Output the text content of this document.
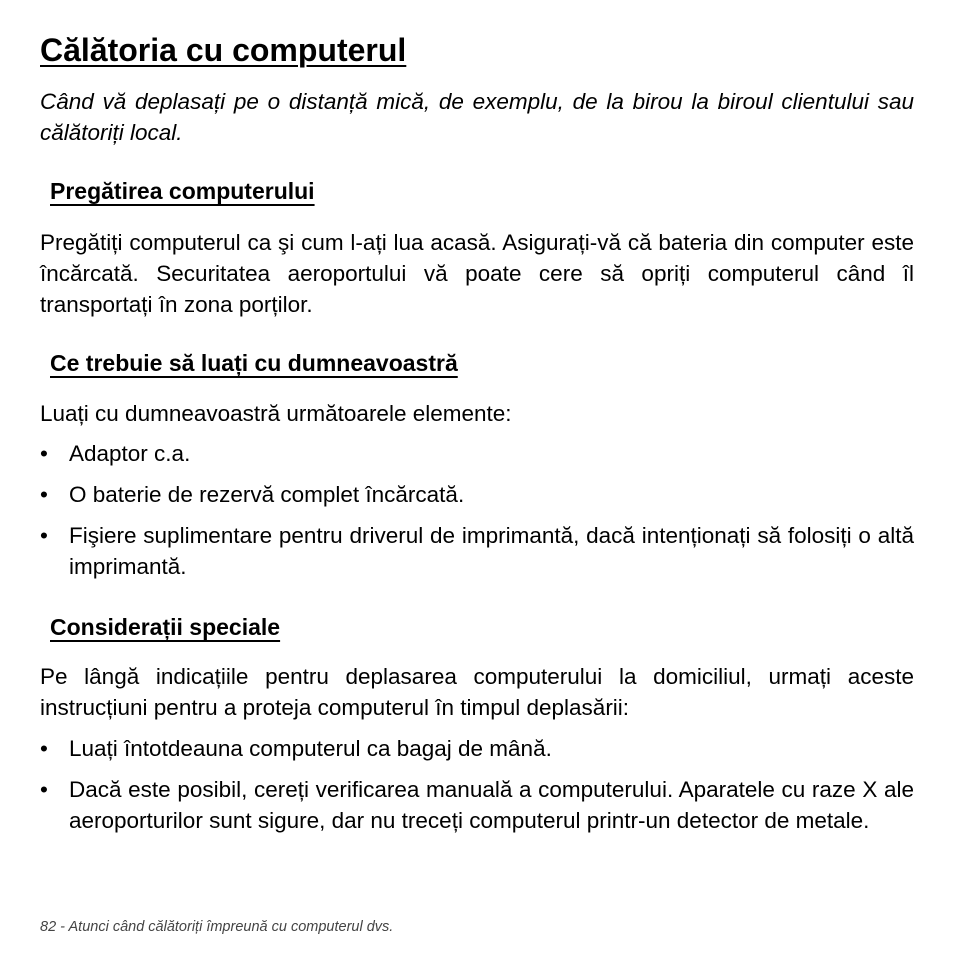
Călătoria cu computerul

Când vă deplasați pe o distanță mică, de exemplu, de la birou la biroul clientului sau călătoriți local.

Pregătirea computerului

Pregătiți computerul ca şi cum l-ați lua acasă. Asigurați-vă că bateria din computer este încărcată. Securitatea aeroportului vă poate cere să opriți computerul când îl transportați în zona porților.

Ce trebuie să luați cu dumneavoastră

Luați cu dumneavoastră următoarele elemente:

• Adaptor c.a.
• O baterie de rezervă complet încărcată.
• Fişiere suplimentare pentru driverul de imprimantă, dacă intenționați să folosiți o altă imprimantă.
Considerații speciale

Pe lângă indicațiile pentru deplasarea computerului la domiciliul, urmați aceste instrucțiuni pentru a proteja computerul în timpul deplasării:

• Luați întotdeauna computerul ca bagaj de mână.
• Dacă este posibil, cereți verificarea manuală a computerului. Aparatele cu raze X ale aeroporturilor sunt sigure, dar nu treceți computerul printr-un detector de metale.
82 - Atunci când călătoriți împreună cu computerul dvs.
